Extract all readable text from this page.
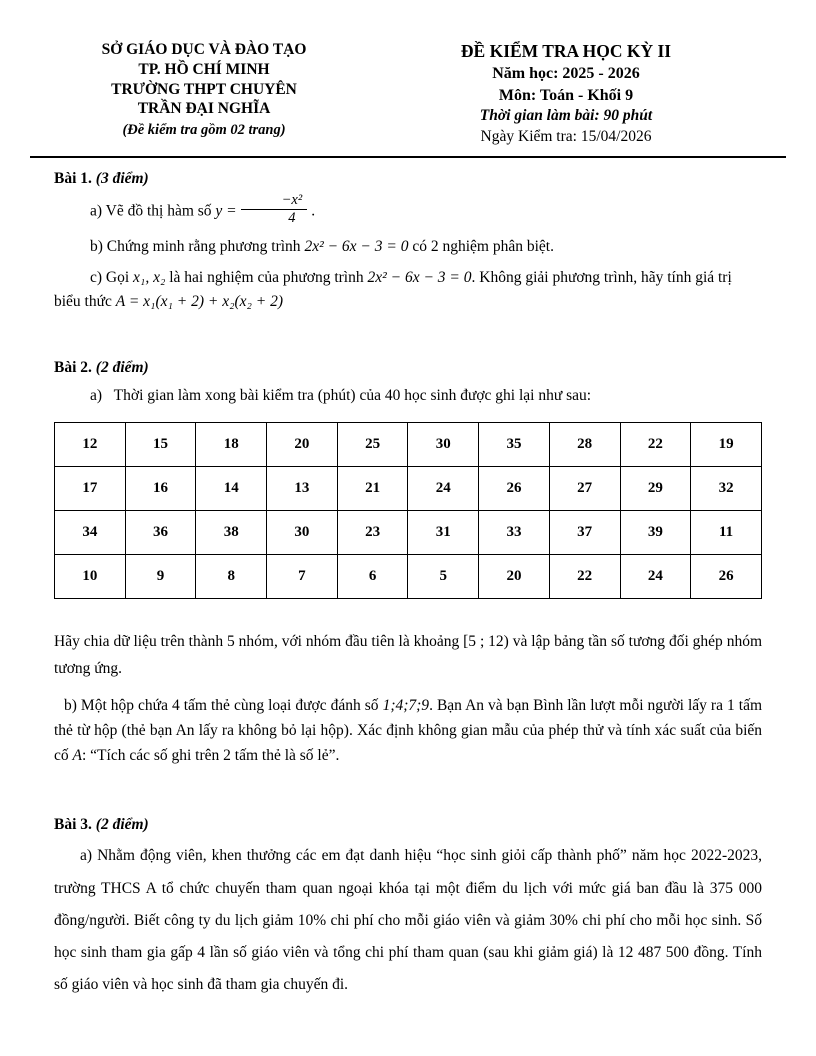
SỞ GIÁO DỤC VÀ ĐÀO TẠO
TP. HỒ CHÍ MINH
TRƯỜNG THPT CHUYÊN
TRẦN ĐẠI NGHĨA
(Đề kiểm tra gồm 02 trang)
ĐỀ KIỂM TRA HỌC KỲ II
Năm học: 2025 - 2026
Môn: Toán - Khối 9
Thời gian làm bài: 90 phút
Ngày Kiểm tra: 15/04/2026

Bài 1. (3 điểm)

a) Vẽ đồ thị hàm số $y = \frac{\text{−x²}}{4}$ .

b) Chứng minh rằng phương trình 2x² − 6x − 3 = 0 có 2 nghiệm phân biệt.

c) Gọi x₁, x₂ là hai nghiệm của phương trình 2x² − 6x − 3 = 0. Không giải phương trình, hãy tính giá trị biểu thức A = x₁(x₁ + 2) + x₂(x₂ + 2)

Bài 2. (2 điểm)

a)   Thời gian làm xong bài kiểm tra (phút) của 40 học sinh được ghi lại như sau:

12	15	18	20	25	30	35	28	22	19
17	16	14	13	21	24	26	27	29	32
34	36	38	30	23	31	33	37	39	11
10	9	8	7	6	5	20	22	24	26

Hãy chia dữ liệu trên thành 5 nhóm, với nhóm đầu tiên là khoảng [5 ; 12) và lập bảng tần số tương đối ghép nhóm tương ứng.

b) Một hộp chứa 4 tấm thẻ cùng loại được đánh số 1;4;7;9. Bạn An và bạn Bình lần lượt mỗi người lấy ra 1 tấm thẻ từ hộp (thẻ bạn An lấy ra không bỏ lại hộp). Xác định không gian mẫu của phép thử và tính xác suất của biến cố A: “Tích các số ghi trên 2 tấm thẻ là số lẻ”.

Bài 3. (2 điểm)

a) Nhằm động viên, khen thưởng các em đạt danh hiệu “học sinh giỏi cấp thành phố” năm học 2022-2023, trường THCS A tổ chức chuyến tham quan ngoại khóa tại một điểm du lịch với mức giá ban đầu là 375 000 đồng/người. Biết công ty du lịch giảm 10% chi phí cho mỗi giáo viên và giảm 30% chi phí cho mỗi học sinh. Số học sinh tham gia gấp 4 lần số giáo viên và tổng chi phí tham quan (sau khi giảm giá) là 12 487 500 đồng. Tính số giáo viên và học sinh đã tham gia chuyến đi.
